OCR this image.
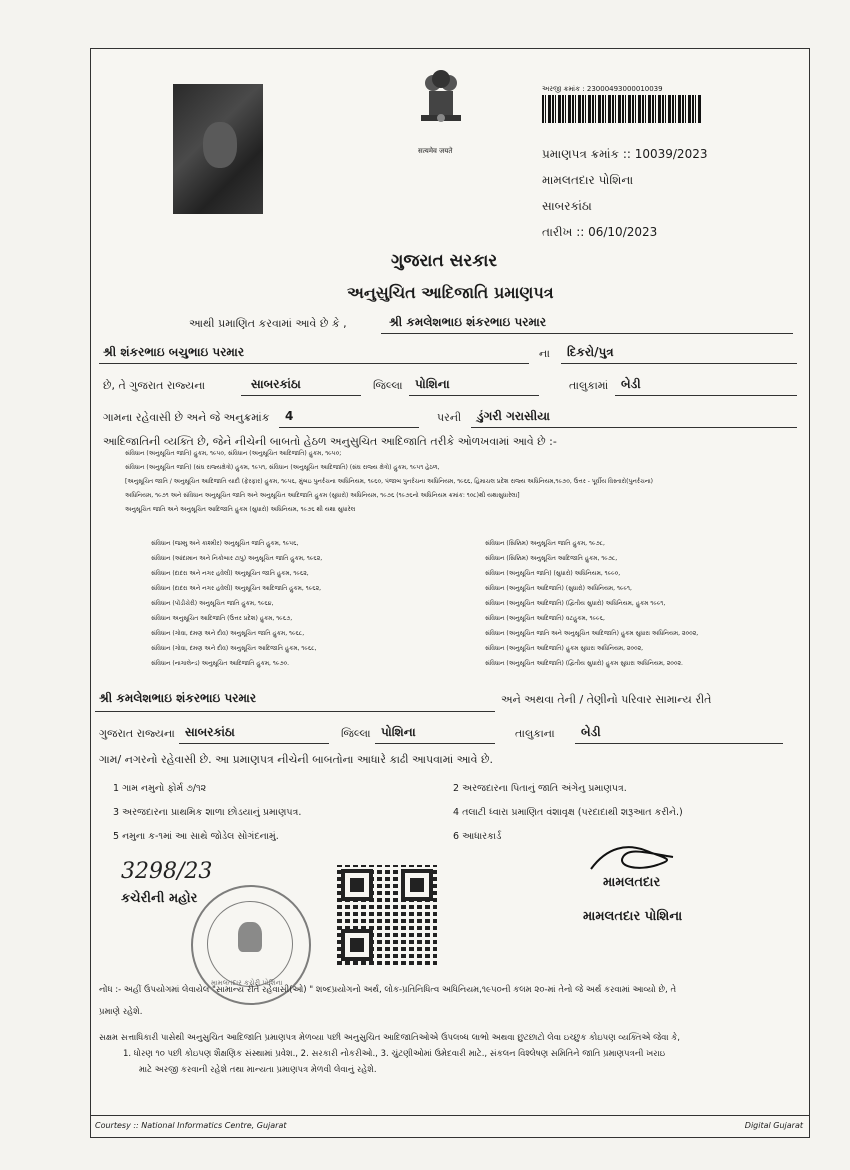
सत्यमेव जयते
અરજી ક્રમાંક : 23000493000010039
પ્રમાણપત્ર ક્રમાંક :: 10039/2023
મામલતદાર પોશિના
સાબરકાંઠા
તારીખ :: 06/10/2023
ગુજરાત સરકાર
અનુસુચિત આદિજાતિ પ્રમાણપત્ર
આથી પ્રમાણિત કરવામાં આવે છે કે ,	શ્રી કમલેશભાઇ શંકરભાઇ પરમાર
શ્રી શંકરભાઇ બચુભાઇ પરમાર	ના દિકરો/પુત્ર
છે, તે ગુજરાત રાજ્યના	સાબરકાંઠા	જિલ્લા પોશિના	તાલુકામાં બેડી
ગામના રહેવાસી છે અને જે અનુક્રમાંક 4	પરની ડુંગરી ગરાસીયા
આદિજાતિની વ્યક્તિ છે, જેને નીચેની બાબતો હેઠળ અનુસુચિત આદિજાતિ તરીકે ઓળખવામાં આવે છે :-
સંવિધાન (અનુસૂચિત જાતિ) હુકમ, ૧૯૫૦, સંવિધાન (અનુસૂચિત આદિજાતિ) હુકમ, ૧૯૫૦;
સંવિધાન (અનુસૂચિત જાતિ) (સંઘ રાજ્યક્ષેત્રો) હુકમ, ૧૯૫૧, સંવિધાન (અનુસૂચિત આદિજાતિ) (સંઘ રાજ્ય ક્ષેત્રો) હુકમ, ૧૯૫૧ હેઠળ,
[અનુસૂચિત જાતિ / અનુસૂચિત આદિજાતિ યાદી (ફેરફાર) હુકમ, ૧૯૫૬, મુંબઇ પુનર્રચના અધિનિયમ, ૧૯૬૦, પંજાબ પુનર્રચના અધિનિયમ, ૧૯૬૬, હિમાચલ પ્રદેશ રાજ્ય અધિનિયમ,૧૯૭૦, ઉત્તર - પૂર્વીય વિસ્તારો(પુનર્રચના)
અધિનિયમ, ૧૯૭૧ અને સંવિધાન અનુસૂચિત જાતિ અને અનુસૂચિત આદિજાતિ હુકમ (સુધારો) અધિનિયમ, ૧૯૭૬ (૧૯૭૬નો અધિનિયમ ક્રમાંક: ૧૦૮)થી યથાસુધારેલા]
અનુસૂચિત જાતિ અને અનુસૂચિત આદિજાતિ હુકમ (સુધારો) અધિનિયમ, ૧૯૭૬ થી યથા સુધારેલ
સંવિધાન (જમ્મુ અને કાશ્મીર) અનુસૂચિત જાતિ હુકમ, ૧૯૫૬,
સંવિધાન (આંદામાન અને નિકોબાર ટાપુ) અનુસૂચિત જાતિ હુકમ, ૧૯૬૨,
સંવિધાન (દાદરા અને નગર હવેલી) અનુસૂચિત જાતિ હુકમ, ૧૯૬૨,
સંવિધાન (દાદરા અને નગર હવેલી) અનુસૂચિત આદિજાતિ હુકમ, ૧૯૬૨,
સંવિધાન (પોંડીચેરી) અનુસૂચિત જાતિ હુકમ, ૧૯૬૪,
સંવિધાન અનુસૂચિત આદિજાતિ (ઉત્તર પ્રદેશ) હુકમ, ૧૯૬૭,
સંવિધાન (ગોવા, દમણ અને દીવ) અનુસૂચિત જાતિ હુકમ, ૧૯૬૮,
સંવિધાન (ગોવા, દમણ અને દીવ) અનુસૂચિત આદિજાતિ હુકમ, ૧૯૬૮,
સંવિધાન (નાગાલેન્ડ) અનુસૂચિત આદિજાતિ હુકમ, ૧૯૭૦.
સંવિધાન (સિક્કિમ) અનુસૂચિત જાતિ હુકમ, ૧૯૭૮,
સંવિધાન (સિક્કિમ) અનુસૂચિત આદિજાતિ હુકમ, ૧૯૭૮,
સંવિધાન (અનુસૂચિત જાતિ) (સુધારો) અધિનિયમ, ૧૯૯૦,
સંવિધાન (અનુસૂચિત આદિજાતિ) (સુધારો) અધિનિયમ, ૧૯૯૧,
સંવિધાન (અનુસૂચિત આદિજાતિ) (દ્વિતીય સુધારો) અધિનિયમ, હુકમ ૧૯૯૧,
સંવિધાન (અનુસૂચિત આદિજાતિ) વટહુકમ, ૧૯૯૬,
સંવિધાન (અનુસૂચિત જાતિ અને અનુસૂચિત આદિજાતિ) હુકમ સુધારા અધિનિયમ, ૨૦૦૨,
સંવિધાન (અનુસૂચિત આદિજાતિ) હુકમ સુધારા અધિનિયમ, ૨૦૦૨,
સંવિધાન (અનુસૂચિત આદિજાતિ) (દ્વિતીય સુધારો) હુકમ સુધારા અધિનિયમ, ૨૦૦૨.
શ્રી કમલેશભાઇ શંકરભાઇ પરમાર	અને અથવા તેની / તેણીનો પરિવાર સામાન્ય રીતે
ગુજરાત રાજ્યના સાબરકાંઠા	જિલ્લા પોશિના	તાલુકાના બેડી
ગામ/ નગરનો રહેવાસી છે. આ પ્રમાણપત્ર નીચેની બાબતોના આધારે કાઢી આપવામાં આવે છે.
1 ગામ નમુનો ફોર્મ ૭/૧૨	2 અરજદારના પિતાનું જાતિ અંગેનુ પ્રમાણપત્ર.
3 અરજદારના પ્રાથમિક શાળા છોડયાનું પ્રમાણપત્ર.	4 તલાટી ધ્વારા પ્રમાણિત વંશાવૃક્ષ (પરદાદાથી શરૂઆત કરીને.)
5 નમુના ક-૧માં આ સાથે જોડેલ સોગંદનામું.	6 આધારકાર્ડ
3298/23
કચેરીની મહોર
મામલતદાર કચેરી પોશિના
મામલતદાર
મામલતદાર પોશિના
નોંધ :- અહીં ઉપયોગમાં લેવાયેલ "સામાન્ય રીતે રહેવાસી(ઓ) " શબ્દપ્રયોગનો અર્થ, લોક-પ્રતિનિધિત્વ અધિનિયમ,૧૯૫૦ની કલમ ૨૦-માં તેનો જે અર્થ કરવામાં આવ્યો છે, તે
પ્રમાણે રહેશે.
સક્ષમ સત્તાધિકારી પાસેથી અનુસુચિત આદિજાતિ પ્રમાણપત્ર મેળવ્યા પછી અનુસુચિત આદિજાતિઓએ ઉપલબ્ધ લાભો અથવા છુટછાટો લેવા ઇચ્છુક કોઇપણ વ્યક્તિએ જેવા કે,
1. ધોરણ ૧૦ પછી કોઇપણ શૈક્ષણિક સંસ્થામાં પ્રવેશ., 2. સરકારી નોકરીઓ., 3. ચુંટણીઓમાં ઉમેદવારી માટે., સંકલન વિશ્લેષણ સમિતિને જાતિ પ્રમાણપત્રની ખરાઇ
માટે અરજી કરવાની રહેશે તથા માન્યતા પ્રમાણપત્ર મેળવી લેવાનું રહેશે.
Courtesy :: National Informatics Centre, Gujarat	Digital Gujarat
